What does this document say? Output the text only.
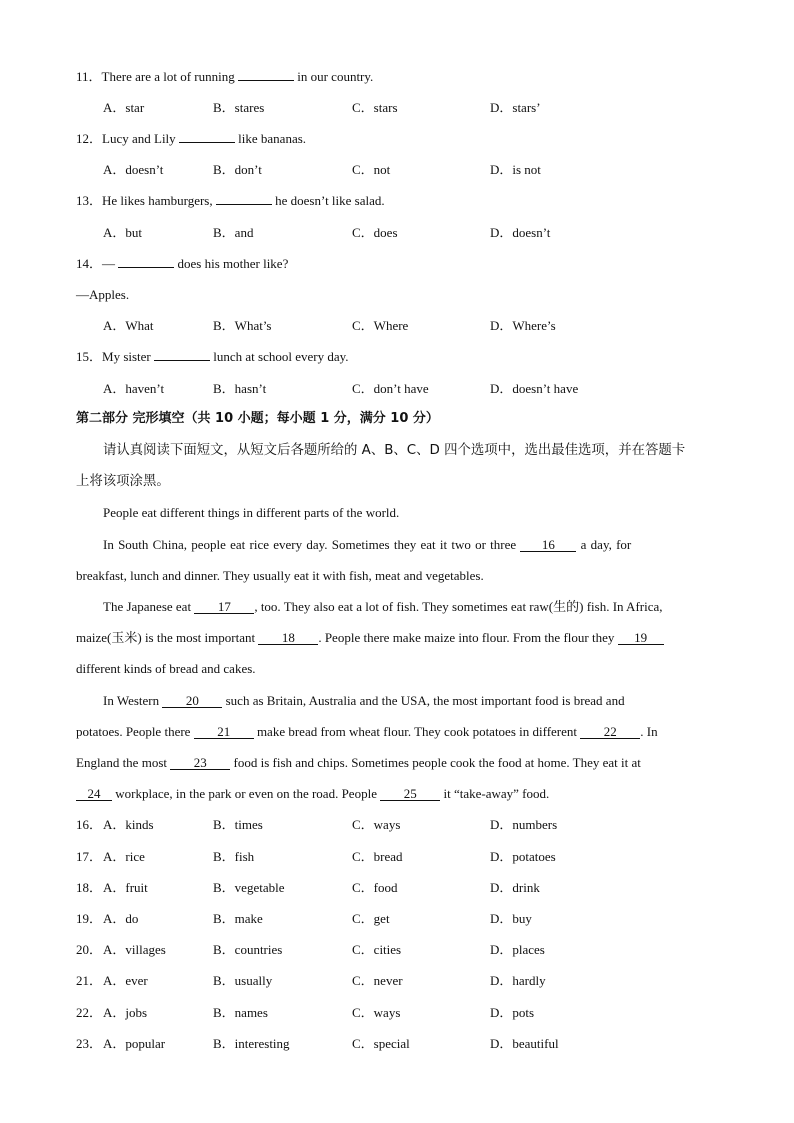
11．There are a lot of running	in our country.
A．star	B．stares	C．stars	D．stars’
12．Lucy and Lily	like bananas.
A．doesn’t	B．don’t	C．not	D．is not
13．He likes hamburgers,	he doesn’t like salad.
A．but	B．and	C．does	D．doesn’t
14．—	does his mother like?
—Apples.
A．What	B．What’s	C．Where	D．Where’s
15．My sister	lunch at school every day.
A．haven’t	B．hasn’t	C．don’t have	D．doesn’t have
第二部分 完形填空（共 10 小题；每小题 1 分，满分 10 分）
请认真阅读下面短文，从短文后各题所给的 A、B、C、D 四个选项中，选出最佳选项，并在答题卡
上将该项涂黑。
People eat different things in different parts of the world.
In South China, people eat rice every day. Sometimes they eat it two or three 16 a day, for
breakfast, lunch and dinner. They usually eat it with fish, meat and vegetables.
The Japanese eat 17 , too. They also eat a lot of fish. They sometimes eat raw(生的) fish. In Africa,
maize(玉米) is the most important 18 . People there make maize into flour. From the flour they 19
different kinds of bread and cakes.
In Western 20 such as Britain, Australia and the USA, the most important food is bread and
potatoes. People there 21 make bread from wheat flour. They cook potatoes in different 22 . In
England the most 23 food is fish and chips. Sometimes people cook the food at home. They eat it at
24 workplace, in the park or even on the road. People 25 it “take-away” food.
16． A．kinds	B．times	C．ways	D．numbers
17． A．rice	B．fish	C．bread	D．potatoes
18． A．fruit	B．vegetable	C．food	D．drink
19． A．do	B．make	C．get	D．buy
20． A．villages	B．countries	C．cities	D．places
21． A．ever	B．usually	C．never	D．hardly
22． A．jobs	B．names	C．ways	D．pots
23． A．popular	B．interesting	C．special	D．beautiful
